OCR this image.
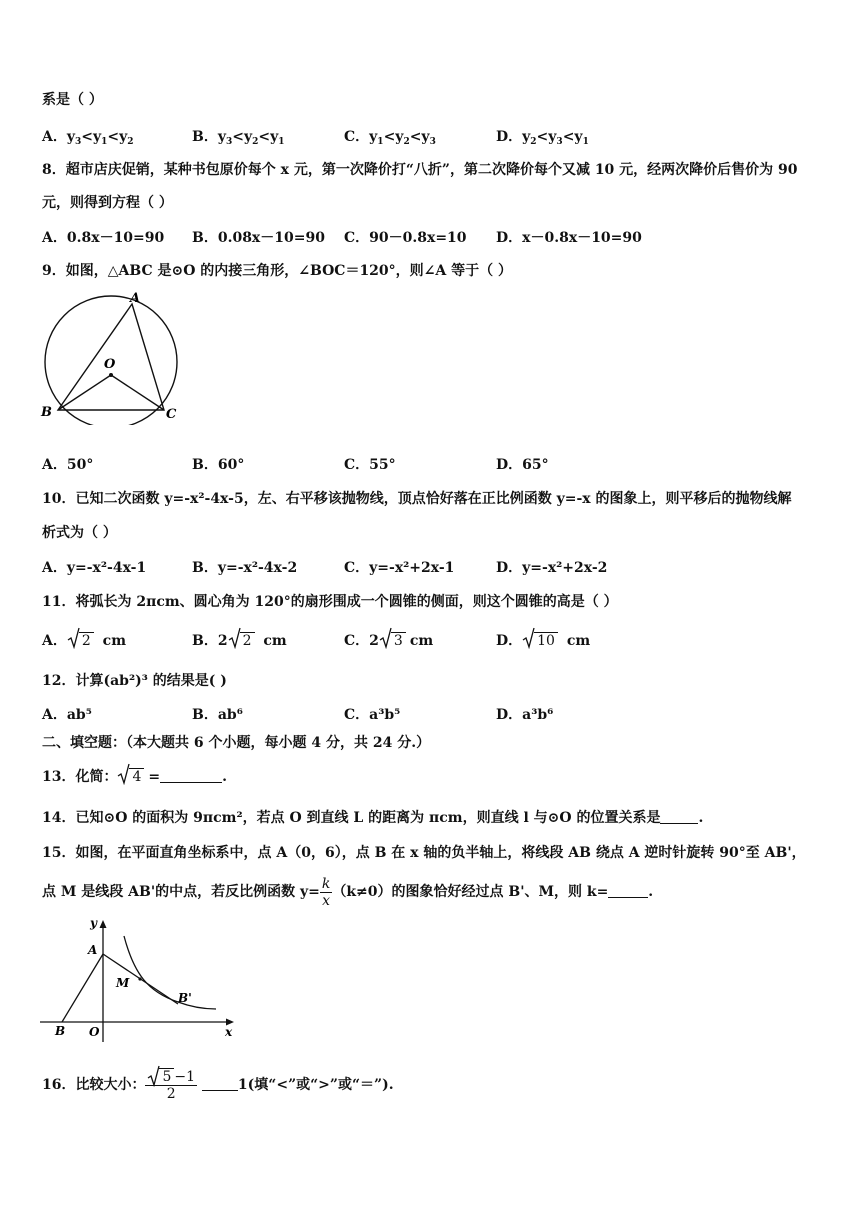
系是（ ）
A．$y_3<y_1<y_2$	B．$y_3<y_2<y_1$	C．$y_1<y_2<y_3$	D．$y_2<y_3<y_1$
8．超市店庆促销，某种书包原价每个 x 元，第一次降价打“八折”，第二次降价每个又减 10 元，经两次降价后售价为 90
元，则得到方程（ ）
A．0.8x－10=90 B．0.08x－10=90 C．90－0.8x=10 D．x－0.8x－10=90
9．如图，△ABC 是⊙O 的内接三角形，∠BOC＝120°，则∠A 等于（ ）
A
O
B	C
A．50°	B．60°	C．55°	D．65°
10．已知二次函数 y=-x²-4x-5，左、右平移该抛物线，顶点恰好落在正比例函数 y=-x 的图象上，则平移后的抛物线解
析式为（ ）
A．y=-x²-4x-1	B．y=-x²-4x-2	C．y=-x²+2x-1	D．y=-x²+2x-2
11．将弧长为 2πcm、圆心角为 120°的扇形围成一个圆锥的侧面，则这个圆锥的高是（ ）
A． 2 cm	B．2 2 cm	C．2 3 cm	D． 10 cm
12．计算(ab²)³ 的结果是( )
A．ab⁵	B．ab⁶	C．a³b⁵	D．a³b⁶
二、填空题：（本大题共 6 个小题，每小题 4 分，共 24 分.）
13．化简： 4 =	.
14．已知⊙O 的面积为 9πcm²，若点 O 到直线 L 的距离为 πcm，则直线 l 与⊙O 的位置关系是	.
15．如图，在平面直角坐标系中，点 A（0，6），点 B 在 x 轴的负半轴上，将线段 AB 绕点 A 逆时针旋转 90°至 AB'，
点 M 是线段 AB'的中点，若反比例函数 $y= \frac{k}{x} (k\ne 0)$的图象恰好经过点 B'、M，则 k=	.
y
x
A
M
B'
B O
16．比较大小： $\frac{5 -1}{2}$	1(填“<”或“>”或“＝”).
